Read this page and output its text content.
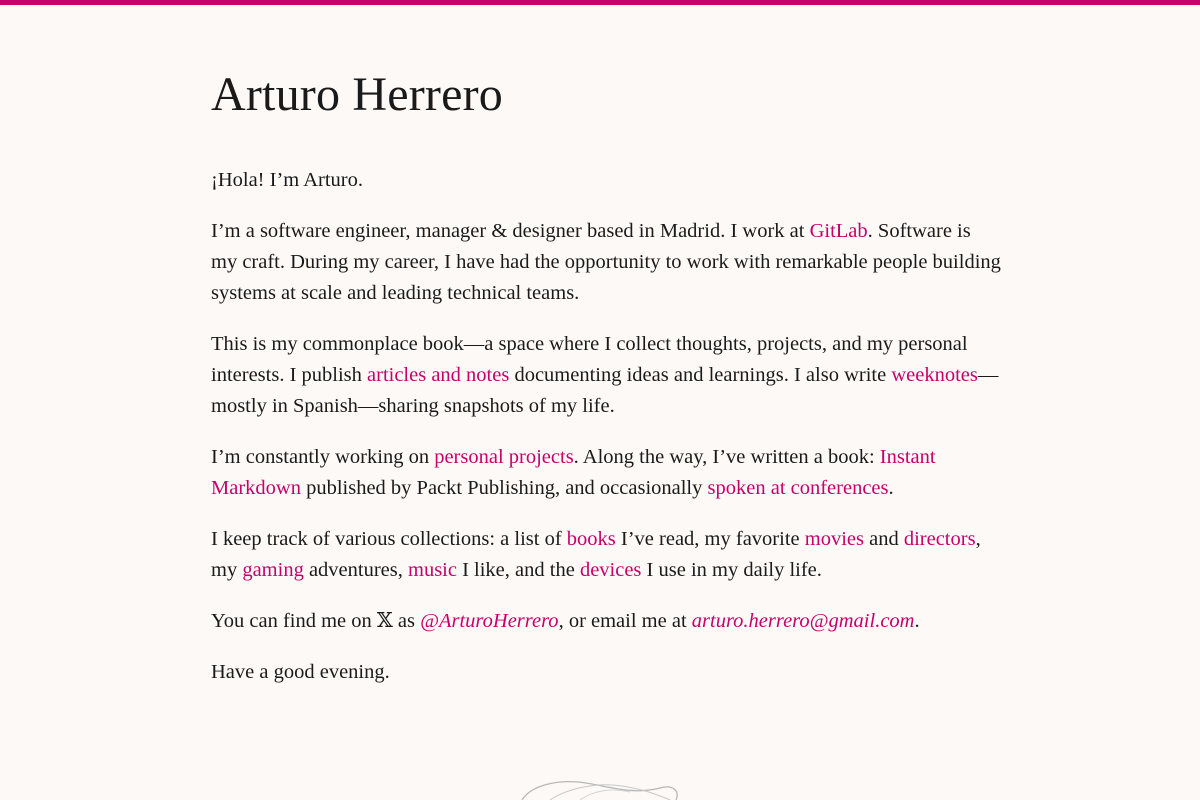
Arturo Herrero

¡Hola! I’m Arturo.

I’m a software engineer, manager & designer based in Madrid. I work at GitLab. Software is my craft. During my career, I have had the opportunity to work with remarkable people building systems at scale and leading technical teams.

This is my commonplace book—a space where I collect thoughts, projects, and my personal interests. I publish articles and notes documenting ideas and learnings. I also write weeknotes—mostly in Spanish—sharing snapshots of my life.

I’m constantly working on personal projects. Along the way, I’ve written a book: Instant Markdown published by Packt Publishing, and occasionally spoken at conferences.

I keep track of various collections: a list of books I’ve read, my favorite movies and directors, my gaming adventures, music I like, and the devices I use in my daily life.

You can find me on 𝕏 as @ArturoHerrero, or email me at arturo.herrero@gmail.com.

Have a good evening.
